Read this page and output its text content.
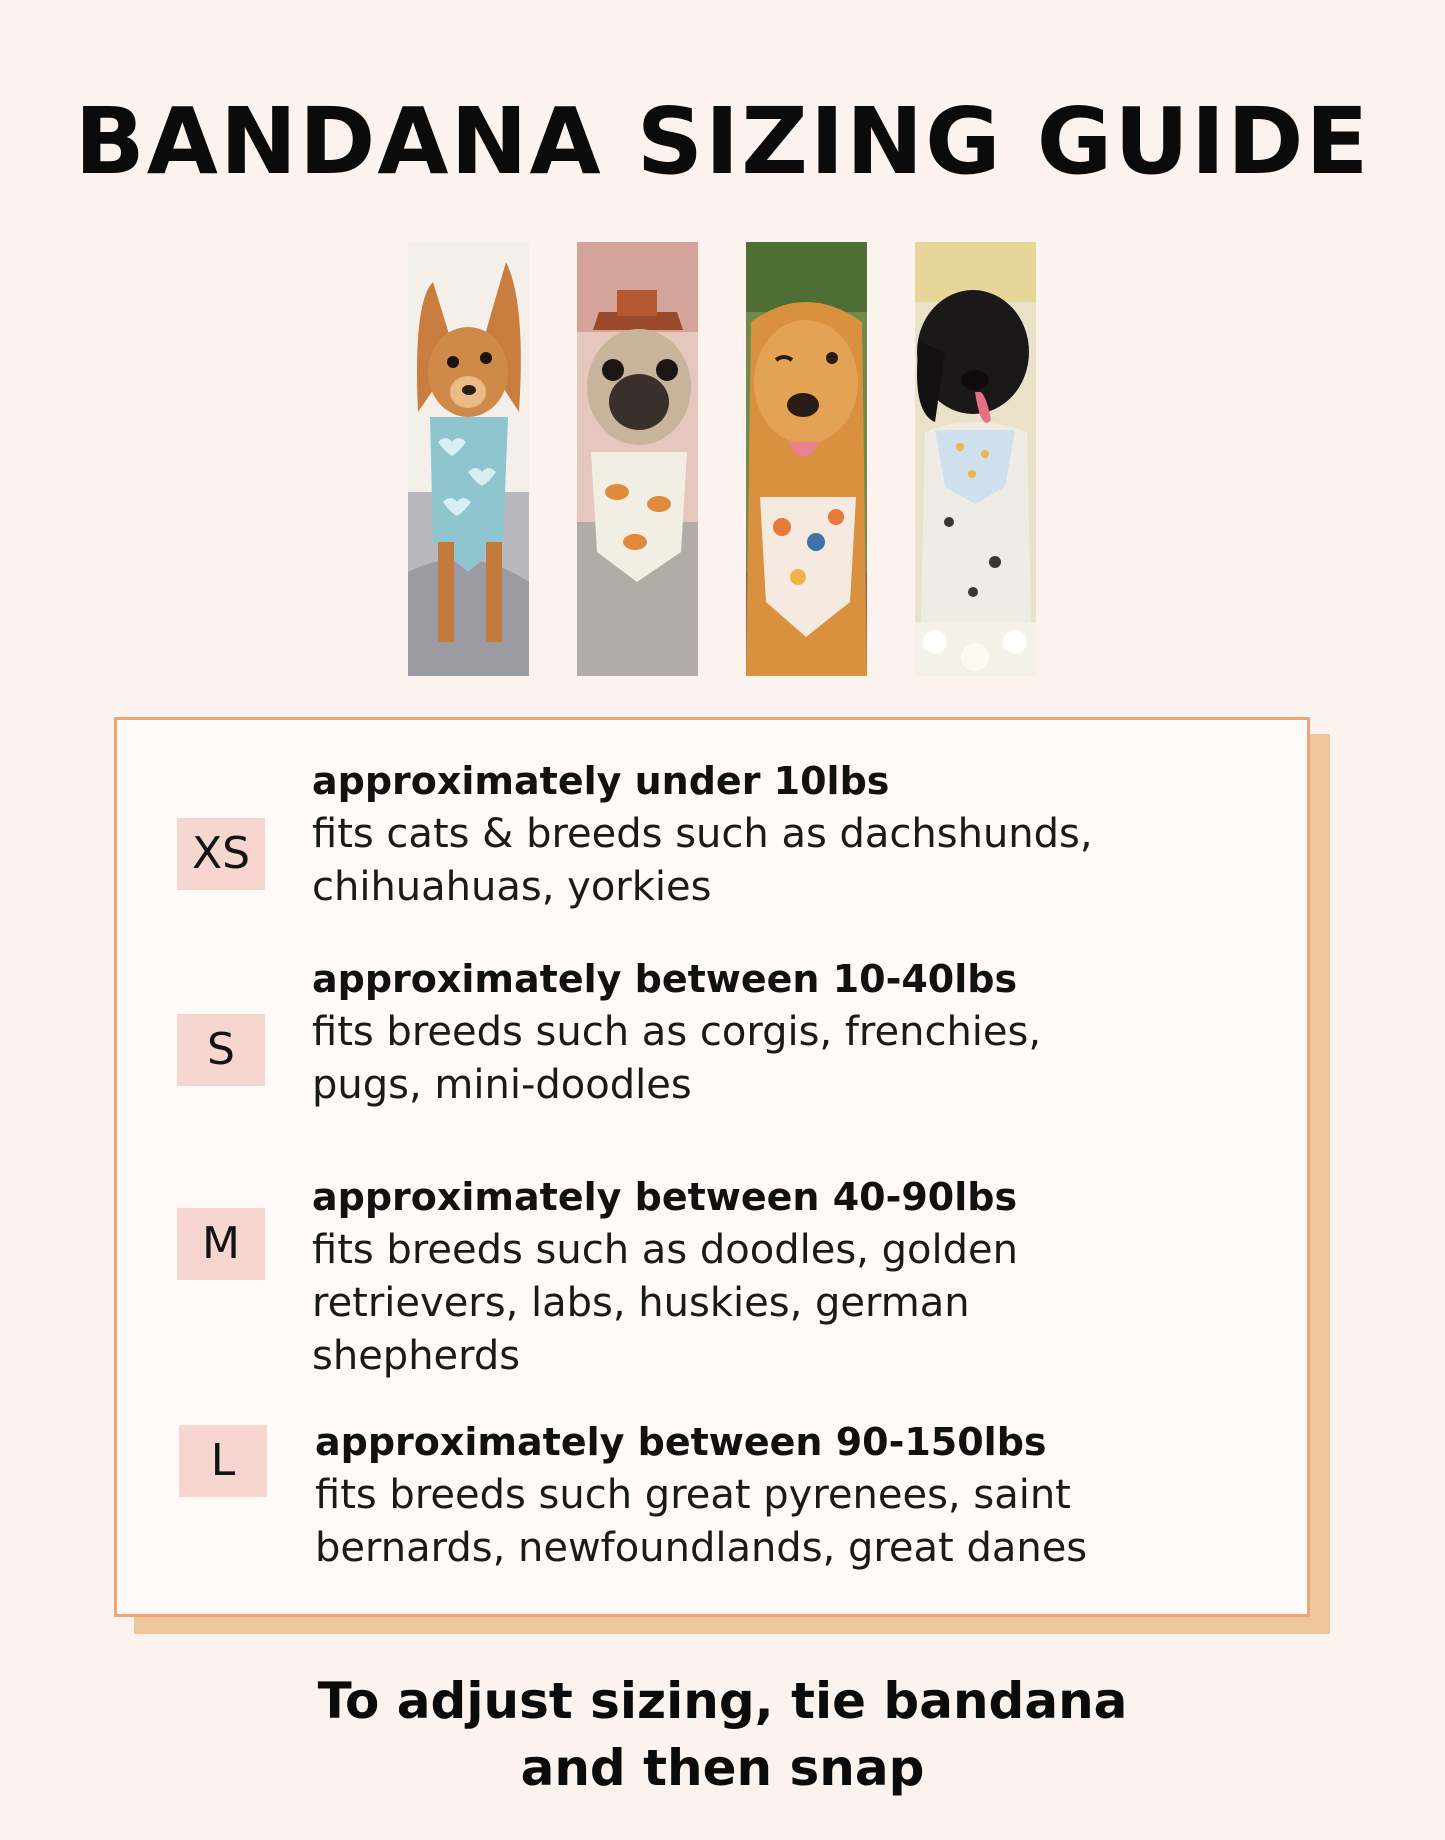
BANDANA SIZING GUIDE
XS
approximately under 10lbs
fits cats & breeds such as dachshunds,
chihuahuas, yorkies
S
approximately between 10-40lbs
fits breeds such as corgis, frenchies,
pugs, mini-doodles
M
approximately between 40-90lbs
fits breeds such as doodles, golden
retrievers, labs, huskies, german
shepherds
L	approximately between 90-150lbs
fits breeds such great pyrenees, saint
bernards, newfoundlands, great danes
To adjust sizing, tie bandana
and then snap
